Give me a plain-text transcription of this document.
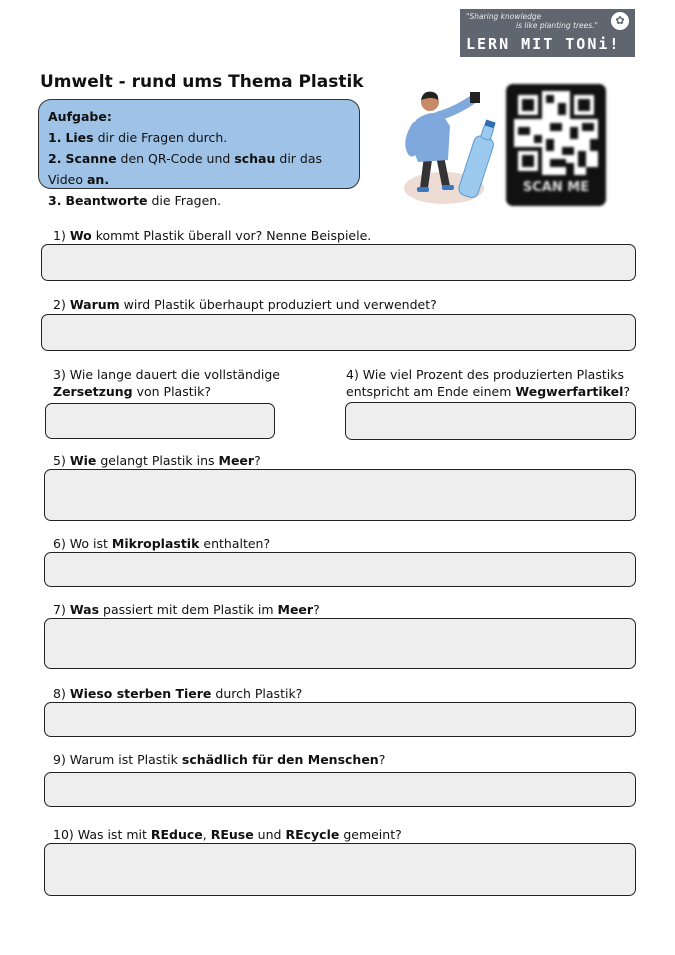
"Sharing knowledge
is like planting trees."	✿
LERN MIT TONi!
Umwelt - rund ums Thema Plastik
Aufgabe:
1. Lies dir die Fragen durch.
2. Scanne den QR-Code und schau dir das Video an.
3. Beantworte die Fragen.
SCAN ME
1) Wo kommt Plastik überall vor? Nenne Beispiele.
2) Warum wird Plastik überhaupt produziert und verwendet?
3) Wie lange dauert die vollständige
Zersetzung von Plastik?
4) Wie viel Prozent des produzierten Plastiks
entspricht am Ende einem Wegwerfartikel?
5) Wie gelangt Plastik ins Meer?
6) Wo ist Mikroplastik enthalten?
7) Was passiert mit dem Plastik im Meer?
8) Wieso sterben Tiere durch Plastik?
9) Warum ist Plastik schädlich für den Menschen?
10) Was ist mit REduce, REuse und REcycle gemeint?
